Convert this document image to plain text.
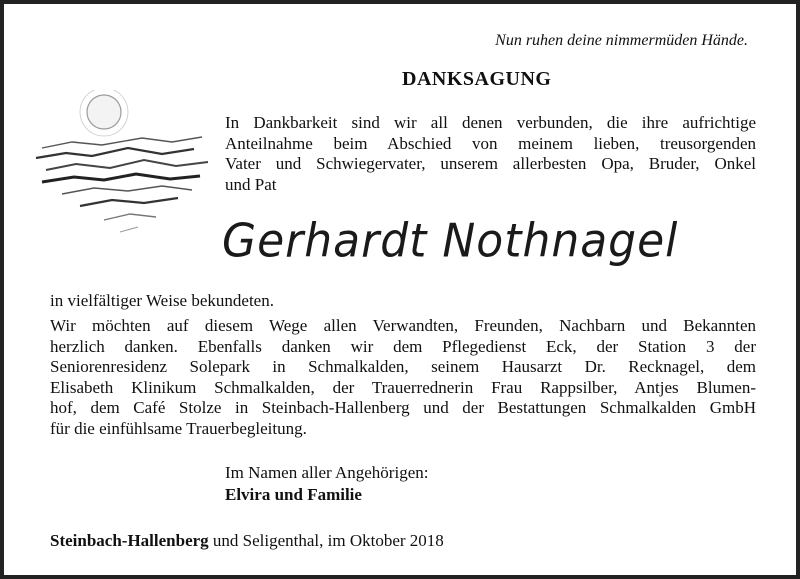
Nun ruhen deine nimmermüden Hände.
DANKSAGUNG
In Dankbarkeit sind wir all denen verbunden, die ihre aufrichtige
Anteilnahme beim Abschied von meinem lieben, treusorgenden
Vater und Schwiegervater, unserem allerbesten Opa, Bruder, Onkel
und Pat
Gerhardt Nothnagel
in vielfältiger Weise bekundeten.
Wir möchten auf diesem Wege allen Verwandten, Freunden, Nachbarn und Bekannten
herzlich danken. Ebenfalls danken wir dem Pflegedienst Eck, der Station 3 der
Seniorenresidenz Solepark in Schmalkalden, seinem Hausarzt Dr. Recknagel, dem
Elisabeth Klinikum Schmalkalden, der Trauerrednerin Frau Rappsilber, Antjes Blumen-
hof, dem Café Stolze in Steinbach-Hallenberg und der Bestattungen Schmalkalden GmbH
für die einfühlsame Trauerbegleitung.
Im Namen aller Angehörigen:
Elvira und Familie
Steinbach-Hallenberg und Seligenthal, im Oktober 2018
